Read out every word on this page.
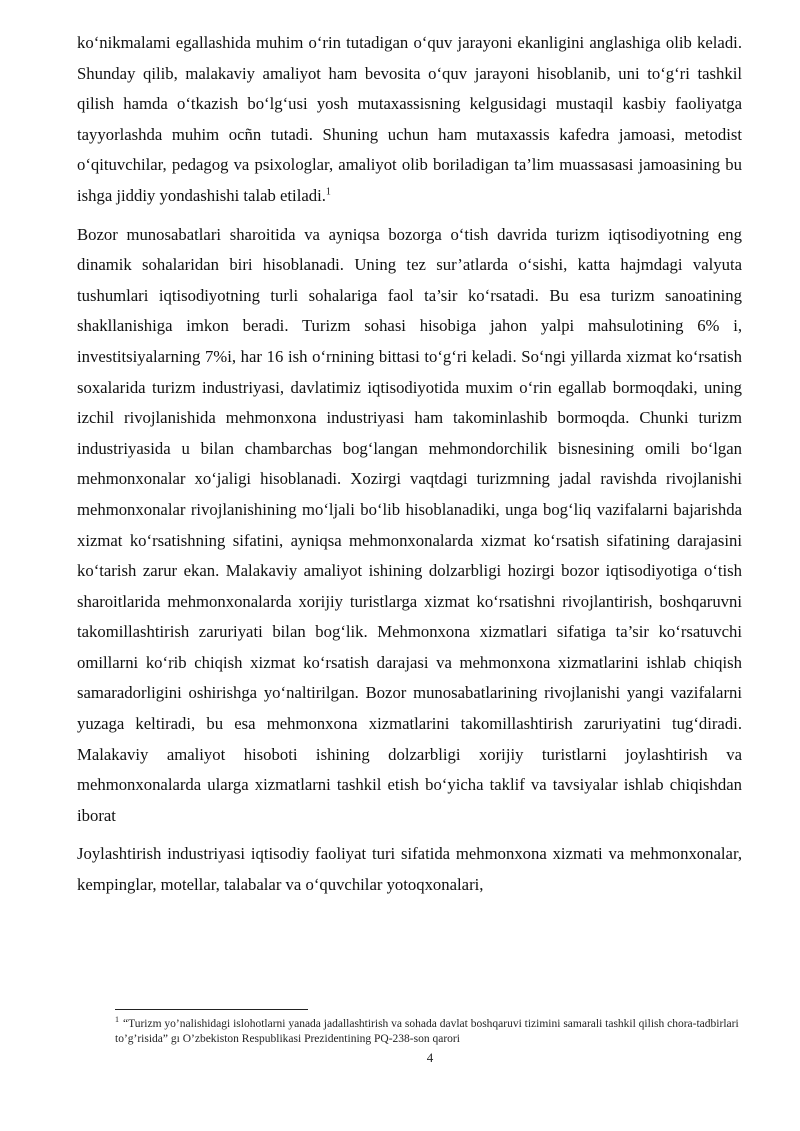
ko‘nikmalami egallashida muhim o‘rin tutadigan o‘quv jarayoni ekanligini anglashiga olib keladi. Shunday qilib, malakaviy amaliyot ham bevosita o‘quv jarayoni hisoblanib, uni to‘g‘ri tashkil qilish hamda o‘tkazish bo‘lg‘usi yosh mutaxassisning kelgusidagi mustaqil kasbiy faoliyatga tayyorlashda muhim ocñn tutadi. Shuning uchun ham mutaxassis kafedra jamoasi, metodist o‘qituvchilar, pedagog va psixologlar, amaliyot olib boriladigan ta’lim muassasasi jamoasining bu ishga jiddiy yondashishi talab etiladi.$^1$

Bozor munosabatlari sharoitida va ayniqsa bozorga o‘tish davrida turizm iqtisodiyotning eng dinamik sohalaridan biri hisoblanadi. Uning tez sur’atlarda o‘sishi, katta hajmdagi valyuta tushumlari iqtisodiyotning turli sohalariga faol ta’sir ko‘rsatadi. Bu esa turizm sanoatining shakllanishiga imkon beradi. Turizm sohasi hisobiga jahon yalpi mahsulotining 6% i, investitsiyalarning 7%i, har 16 ish o‘rnining bittasi to‘g‘ri keladi. So‘ngi yillarda xizmat ko‘rsatish soxalarida turizm industriyasi, davlatimiz iqtisodiyotida muxim o‘rin egallab bormoqdaki, uning izchil rivojlanishida mehmonxona industriyasi ham takominlashib bormoqda. Chunki turizm industriyasida u bilan chambarchas bog‘langan mehmondorchilik bisnesining omili bo‘lgan mehmonxonalar xo‘jaligi hisoblanadi. Xozirgi vaqtdagi turizmning jadal ravishda rivojlanishi mehmonxonalar rivojlanishining mo‘ljali bo‘lib hisoblanadiki, unga bog‘liq vazifalarni bajarishda xizmat ko‘rsatishning sifatini, ayniqsa mehmonxonalarda xizmat ko‘rsatish sifatining darajasini ko‘tarish zarur ekan. Malakaviy amaliyot ishining dolzarbligi hozirgi bozor iqtisodiyotiga o‘tish sharoitlarida mehmonxonalarda xorijiy turistlarga xizmat ko‘rsatishni rivojlantirish, boshqaruvni takomillashtirish zaruriyati bilan bog‘lik. Mehmonxona xizmatlari sifatiga ta’sir ko‘rsatuvchi omillarni ko‘rib chiqish xizmat ko‘rsatish darajasi va mehmonxona xizmatlarini ishlab chiqish samaradorligini oshirishga yo‘naltirilgan. Bozor munosabatlarining rivojlanishi yangi vazifalarni yuzaga keltiradi, bu esa mehmonxona xizmatlarini takomillashtirish zaruriyatini tug‘diradi. Malakaviy amaliyot hisoboti ishining dolzarbligi xorijiy turistlarni joylashtirish va mehmonxonalarda ularga xizmatlarni tashkil etish bo‘yicha taklif va tavsiyalar ishlab chiqishdan iborat

Joylashtirish industriyasi iqtisodiy faoliyat turi sifatida mehmonxona xizmati va mehmonxonalar, kempinglar, motellar, talabalar va o‘quvchilar yotoqxonalari,

$^1$ “Turizm yo’nalishidagi islohotlarni yanada jadallashtirish va sohada davlat boshqaruvi tizimini samarali tashkil qilish chora-tadbirlari to’g’risida” gı O’zbekiston Respublikasi Prezidentining PQ-238-son qarori
4
